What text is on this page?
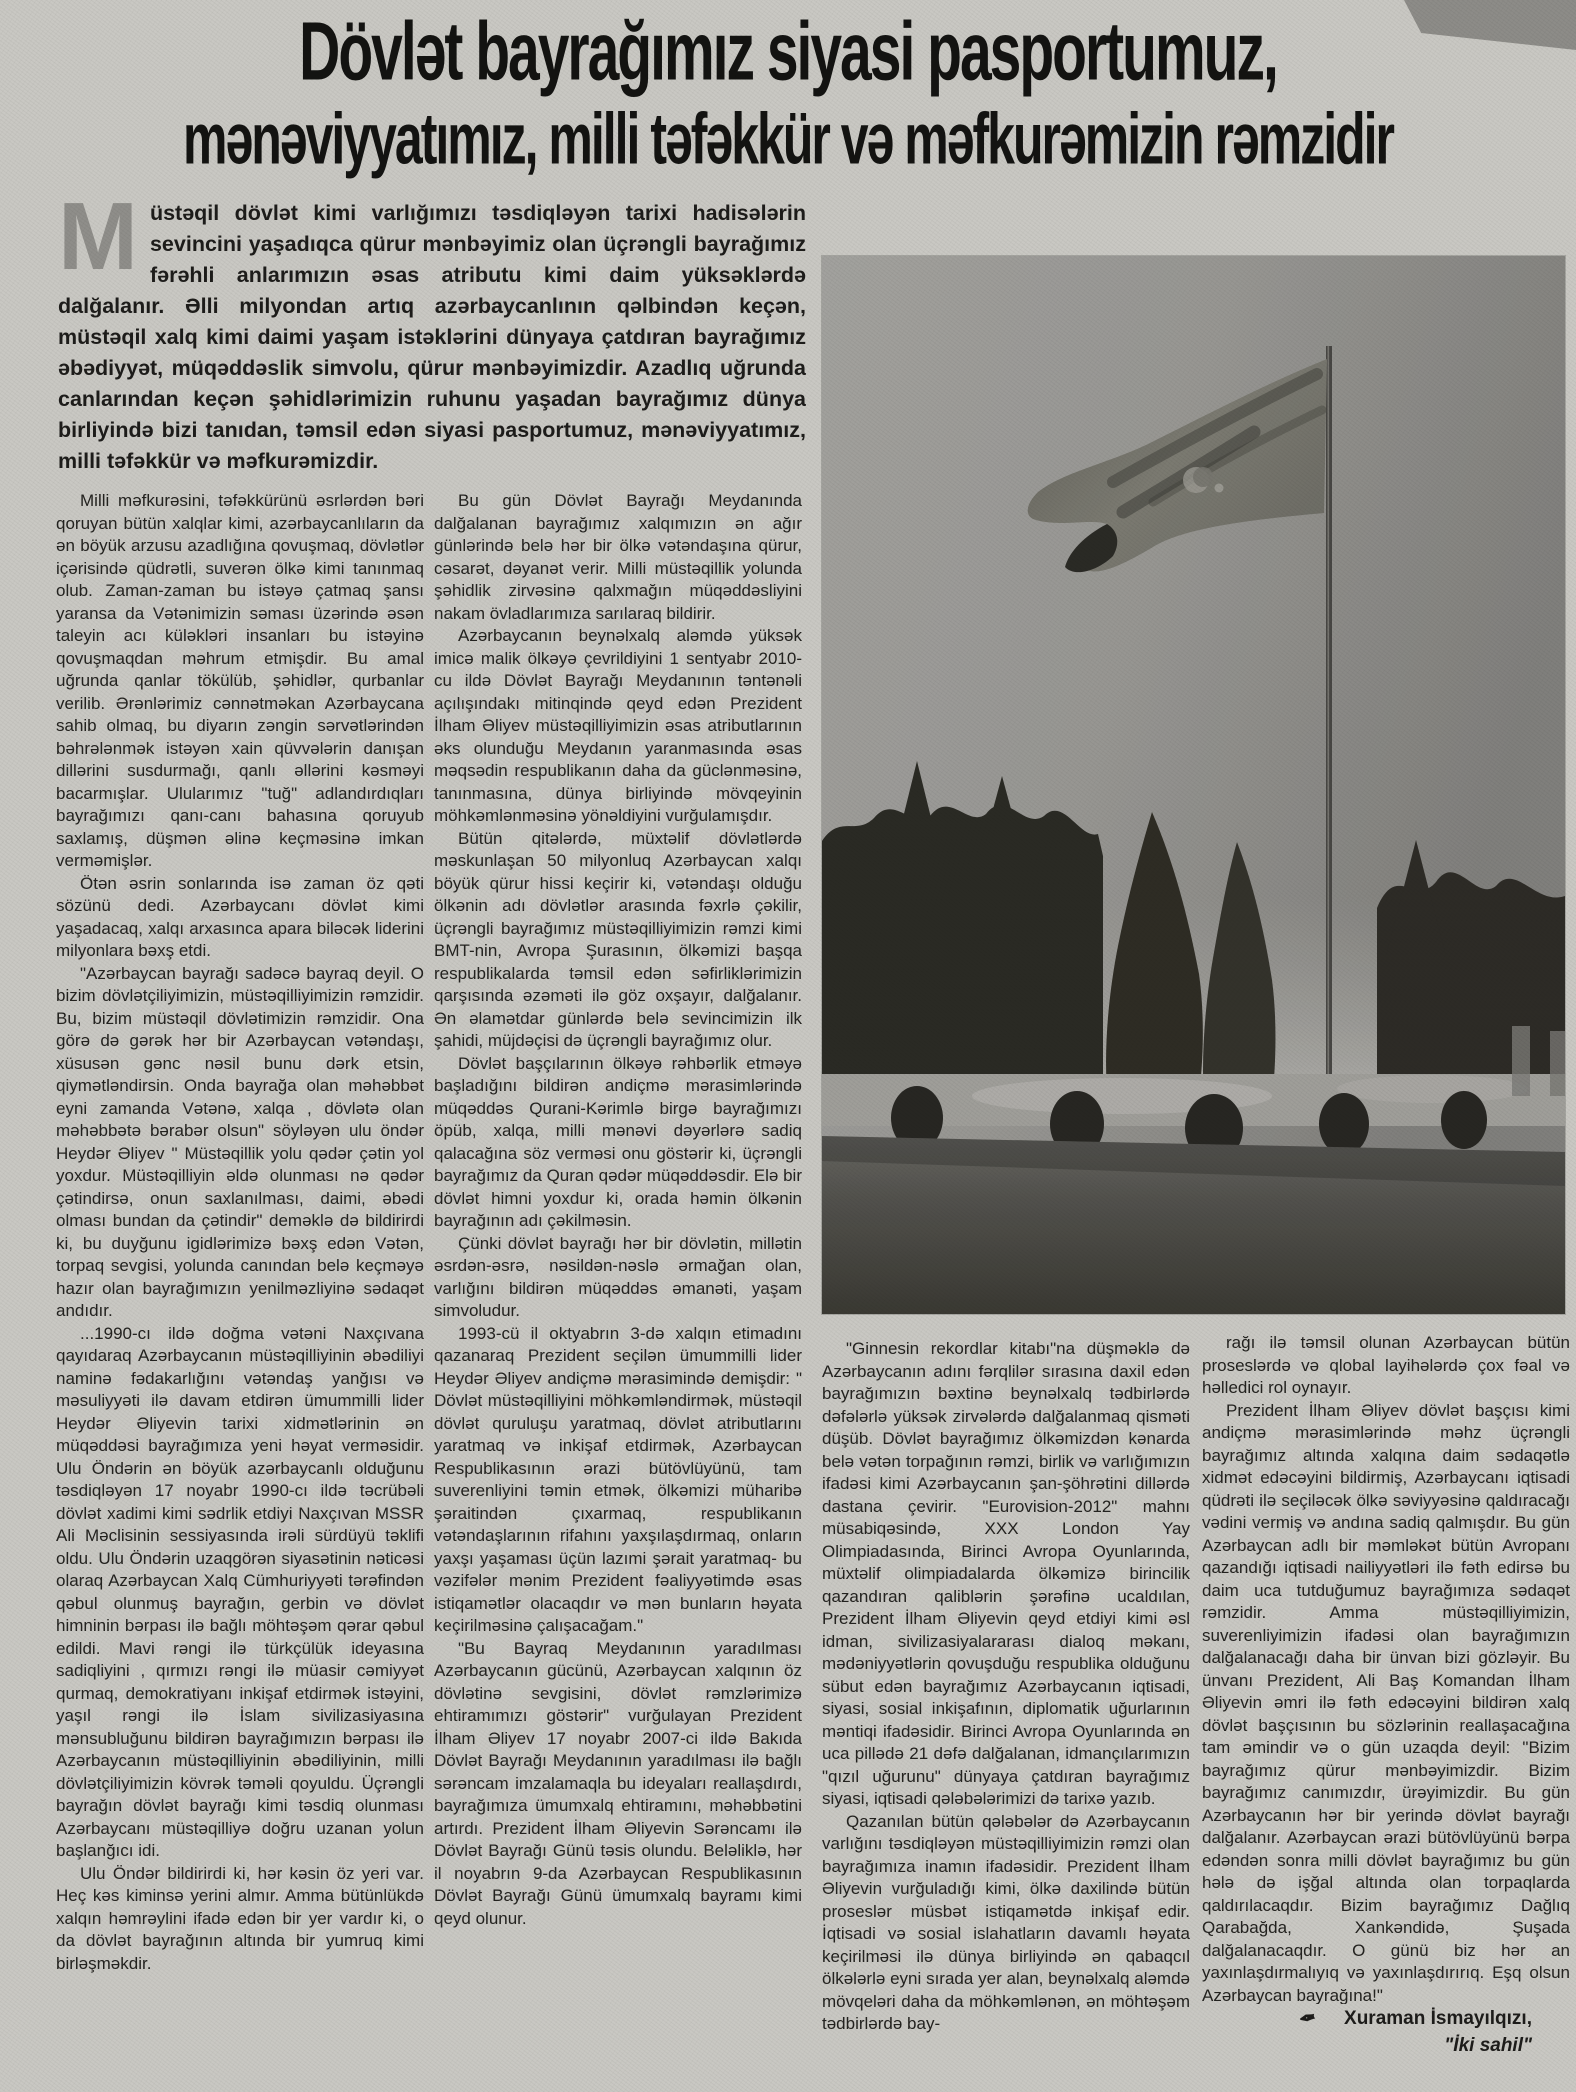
Dövlət bayrağımız siyasi pasportumuz,
mənəviyyatımız, milli təfəkkür və məfkurəmizin rəmzidir
Müstəqil dövlət kimi varlığımızı təsdiqləyən tarixi hadisələrin sevincini yaşadıqca qürur mənbəyimiz olan üçrəngli bayrağımız fərəhli anlarımızın əsas atributu kimi daim yüksəklərdə dalğalanır. Əlli milyondan artıq azərbaycanlının qəlbindən keçən, müstəqil xalq kimi daimi yaşam istəklərini dünyaya çatdıran bayrağımız əbədiyyət, müqəddəslik simvolu, qürur mənbəyimizdir. Azadlıq uğrunda canlarından keçən şəhidlərimizin ruhunu yaşadan bayrağımız dünya birliyində bizi tanıdan, təmsil edən siyasi pasportumuz, mənəviyyatımız, milli təfəkkür və məfkurəmizdir.

Milli məfkurəsini, təfəkkürünü əsrlərdən bəri qoruyan bütün xalqlar kimi, azərbaycanlıların da ən böyük arzusu azadlığına qovuşmaq, dövlətlər içərisində qüdrətli, suverən ölkə kimi tanınmaq olub. Zaman-zaman bu istəyə çatmaq şansı yaransa da Vətənimizin səması üzərində əsən taleyin acı küləkləri insanları bu istəyinə qovuşmaqdan məhrum etmişdir. Bu amal uğrunda qanlar tökülüb, şəhidlər, qurbanlar verilib. Ərənlərimiz cənnətməkan Azərbaycana sahib olmaq, bu diyarın zəngin sərvətlərindən bəhrələnmək istəyən xain qüvvələrin danışan dillərini susdurmağı, qanlı əllərini kəsməyi bacarmışlar. Ulularımız "tuğ" adlandırdıqları bayrağımızı qanı-canı bahasına qoruyub saxlamış, düşmən əlinə keçməsinə imkan verməmişlər.

Ötən əsrin sonlarında isə zaman öz qəti sözünü dedi. Azərbaycanı dövlət kimi yaşadacaq, xalqı arxasınca apara biləcək liderini milyonlara bəxş etdi.

"Azərbaycan bayrağı sadəcə bayraq deyil. O bizim dövlətçiliyimizin, müstəqilliyimizin rəmzidir. Bu, bizim müstəqil dövlətimizin rəmzidir. Ona görə də gərək hər bir Azərbaycan vətəndaşı, xüsusən gənc nəsil bunu dərk etsin, qiymətləndirsin. Onda bayrağa olan məhəbbət eyni zamanda Vətənə, xalqa , dövlətə olan məhəbbətə bərabər olsun" söyləyən ulu öndər Heydər Əliyev " Müstəqillik yolu qədər çətin yol yoxdur. Müstəqilliyin əldə olunması nə qədər çətindirsə, onun saxlanılması, daimi, əbədi olması bundan da çətindir" deməklə də bildirirdi ki, bu duyğunu igidlərimizə bəxş edən Vətən, torpaq sevgisi, yolunda canından belə keçməyə hazır olan bayrağımızın yenilməzliyinə sədaqət andıdır.

...1990-cı ildə doğma vətəni Naxçıvana qayıdaraq Azərbaycanın müstəqilliyinin əbədiliyi naminə fədakarlığını vətəndaş yanğısı və məsuliyyəti ilə davam etdirən ümummilli lider Heydər Əliyevin tarixi xidmətlərinin ən müqəddəsi bayrağımıza yeni həyat verməsidir. Ulu Öndərin ən böyük azərbaycanlı olduğunu təsdiqləyən 17 noyabr 1990-cı ildə təcrübəli dövlət xadimi kimi sədrlik etdiyi Naxçıvan MSSR Ali Məclisinin sessiyasında irəli sürdüyü təklifi oldu. Ulu Öndərin uzaqgörən siyasətinin nəticəsi olaraq Azərbaycan Xalq Cümhuriyyəti tərəfindən qəbul olunmuş bayrağın, gerbin və dövlət himninin bərpası ilə bağlı möhtəşəm qərar qəbul edildi. Mavi rəngi ilə türkçülük ideyasına sadiqliyini , qırmızı rəngi ilə müasir cəmiyyət qurmaq, demokratiyanı inkişaf etdirmək istəyini, yaşıl rəngi ilə İslam sivilizasiyasına mənsubluğunu bildirən bayrağımızın bərpası ilə Azərbaycanın müstəqilliyinin əbədiliyinin, milli dövlətçiliyimizin kövrək təməli qoyuldu. Üçrəngli bayrağın dövlət bayrağı kimi təsdiq olunması Azərbaycanı müstəqilliyə doğru uzanan yolun başlanğıcı idi.

Ulu Öndər bildirirdi ki, hər kəsin öz yeri var. Heç kəs kiminsə yerini almır. Amma bütünlükdə xalqın həmrəylini ifadə edən bir yer vardır ki, o da dövlət bayrağının altında bir yumruq kimi birləşməkdir.

Bu gün Dövlət Bayrağı Meydanında dalğalanan bayrağımız xalqımızın ən ağır günlərində belə hər bir ölkə vətəndaşına qürur, cəsarət, dəyanət verir. Milli müstəqillik yolunda şəhidlik zirvəsinə qalxmağın müqəddəsliyini nakam övladlarımıza sarılaraq bildirir.

Azərbaycanın beynəlxalq aləmdə yüksək imicə malik ölkəyə çevrildiyini 1 sentyabr 2010-cu ildə Dövlət Bayrağı Meydanının təntənəli açılışındakı mitinqində qeyd edən Prezident İlham Əliyev müstəqilliyimizin əsas atributlarının əks olunduğu Meydanın yaranmasında əsas məqsədin respublikanın daha da güclənməsinə, tanınmasına, dünya birliyində mövqeyinin möhkəmlənməsinə yönəldiyini vurğulamışdır.

Bütün qitələrdə, müxtəlif dövlətlərdə məskunlaşan 50 milyonluq Azərbaycan xalqı böyük qürur hissi keçirir ki, vətəndaşı olduğu ölkənin adı dövlətlər arasında fəxrlə çəkilir, üçrəngli bayrağımız müstəqilliyimizin rəmzi kimi BMT-nin, Avropa Şurasının, ölkəmizi başqa respublikalarda təmsil edən səfirliklərimizin qarşısında əzəməti ilə göz oxşayır, dalğalanır. Ən əlamətdar günlərdə belə sevincimizin ilk şahidi, müjdəçisi də üçrəngli bayrağımız olur.

Dövlət başçılarının ölkəyə rəhbərlik etməyə başladığını bildirən andiçmə mərasimlərində müqəddəs Qurani-Kərimlə birgə bayrağımızı öpüb, xalqa, milli mənəvi dəyərlərə sadiq qalacağına söz verməsi onu göstərir ki, üçrəngli bayrağımız da Quran qədər müqəddəsdir. Elə bir dövlət himni yoxdur ki, orada həmin ölkənin bayrağının adı çəkilməsin.

Çünki dövlət bayrağı hər bir dövlətin, millətin əsrdən-əsrə, nəsildən-nəslə ərmağan olan, varlığını bildirən müqəddəs əmanəti, yaşam simvoludur.

1993-cü il oktyabrın 3-də xalqın etimadını qazanaraq Prezident seçilən ümummilli lider Heydər Əliyev andiçmə mərasimində demişdir: " Dövlət müstəqilliyini möhkəmləndirmək, müstəqil dövlət quruluşu yaratmaq, dövlət atributlarını yaratmaq və inkişaf etdirmək, Azərbaycan Respublikasının ərazi bütövlüyünü, tam suverenliyini təmin etmək, ölkəmizi müharibə şəraitindən çıxarmaq, respublikanın vətəndaşlarının rifahını yaxşılaşdırmaq, onların yaxşı yaşaması üçün lazımi şərait yaratmaq- bu vəzifələr mənim Prezident fəaliyyətimdə əsas istiqamətlər olacaqdır və mən bunların həyata keçirilməsinə çalışacağam."

"Bu Bayraq Meydanının yaradılması Azərbaycanın gücünü, Azərbaycan xalqının öz dövlətinə sevgisini, dövlət rəmzlərimizə ehtiramımızı göstərir" vurğulayan Prezident İlham Əliyev 17 noyabr 2007-ci ildə Bakıda Dövlət Bayrağı Meydanının yaradılması ilə bağlı sərəncam imzalamaqla bu ideyaları reallaşdırdı, bayrağımıza ümumxalq ehtiramını, məhəbbətini artırdı. Prezident İlham Əliyevin Sərəncamı ilə Dövlət Bayrağı Günü təsis olundu. Beləliklə, hər il noyabrın 9-da Azərbaycan Respublikasının Dövlət Bayrağı Günü ümumxalq bayramı kimi qeyd olunur.

"Ginnesin rekordlar kitabı"na düşməklə də Azərbaycanın adını fərqlilər sırasına daxil edən bayrağımızın bəxtinə beynəlxalq tədbirlərdə dəfələrlə yüksək zirvələrdə dalğalanmaq qisməti düşüb. Dövlət bayrağımız ölkəmizdən kənarda belə vətən torpağının rəmzi, birlik və varlığımızın ifadəsi kimi Azərbaycanın şan-şöhrətini dillərdə dastana çevirir. "Eurovision-2012" mahnı müsabiqəsində, XXX London Yay Olimpiadasında, Birinci Avropa Oyunlarında, müxtəlif olimpiadalarda ölkəmizə birincilik qazandıran qaliblərin şərəfinə ucaldılan, Prezident İlham Əliyevin qeyd etdiyi kimi əsl idman, sivilizasiyalararası dialoq məkanı, mədəniyyətlərin qovuşduğu respublika olduğunu sübut edən bayrağımız Azərbaycanın iqtisadi, siyasi, sosial inkişafının, diplomatik uğurlarının məntiqi ifadəsidir. Birinci Avropa Oyunlarında ən uca pillədə 21 dəfə dalğalanan, idmançılarımızın "qızıl uğurunu" dünyaya çatdıran bayrağımız siyasi, iqtisadi qələbələrimizi də tarixə yazıb.

Qazanılan bütün qələbələr də Azərbaycanın varlığını təsdiqləyən müstəqilliyimizin rəmzi olan bayrağımıza inamın ifadəsidir. Prezident İlham Əliyevin vurğuladığı kimi, ölkə daxilində bütün proseslər müsbət istiqamətdə inkişaf edir. İqtisadi və sosial islahatların davamlı həyata keçirilməsi ilə dünya birliyində ən qabaqcıl ölkələrlə eyni sırada yer alan, beynəlxalq aləmdə mövqeləri daha da möhkəmlənən, ən möhtəşəm tədbirlərdə bay-

rağı ilə təmsil olunan Azərbaycan bütün proseslərdə və qlobal layihələrdə çox fəal və həlledici rol oynayır.

Prezident İlham Əliyev dövlət başçısı kimi andiçmə mərasimlərində məhz üçrəngli bayrağımız altında xalqına daim sədaqətlə xidmət edəcəyini bildirmiş, Azərbaycanı iqtisadi qüdrəti ilə seçiləcək ölkə səviyyəsinə qaldıracağı vədini vermiş və andına sadiq qalmışdır. Bu gün Azərbaycan adlı bir məmləkət bütün Avropanı qazandığı iqtisadi nailiyyətləri ilə fəth edirsə bu daim uca tutduğumuz bayrağımıza sədaqət rəmzidir. Amma müstəqilliyimizin, suverenliyimizin ifadəsi olan bayrağımızın dalğalanacağı daha bir ünvan bizi gözləyir. Bu ünvanı Prezident, Ali Baş Komandan İlham Əliyevin əmri ilə fəth edəcəyini bildirən xalq dövlət başçısının bu sözlərinin reallaşacağına tam əmindir və o gün uzaqda deyil: "Bizim bayrağımız qürur mənbəyimizdir. Bizim bayrağımız canımızdır, ürəyimizdir. Bu gün Azərbaycanın hər bir yerində dövlət bayrağı dalğalanır. Azərbaycan ərazi bütövlüyünü bərpa edəndən sonra milli dövlət bayrağımız bu gün hələ də işğal altında olan torpaqlarda qaldırılacaqdır. Bizim bayrağımız Dağlıq Qarabağda, Xankəndidə, Şuşada dalğalanacaqdır. O günü biz hər an yaxınlaşdırmalıyıq və yaxınlaşdırırıq. Eşq olsun Azərbaycan bayrağına!"

✒ Xuraman İsmayılqızı,
"İki sahil"
